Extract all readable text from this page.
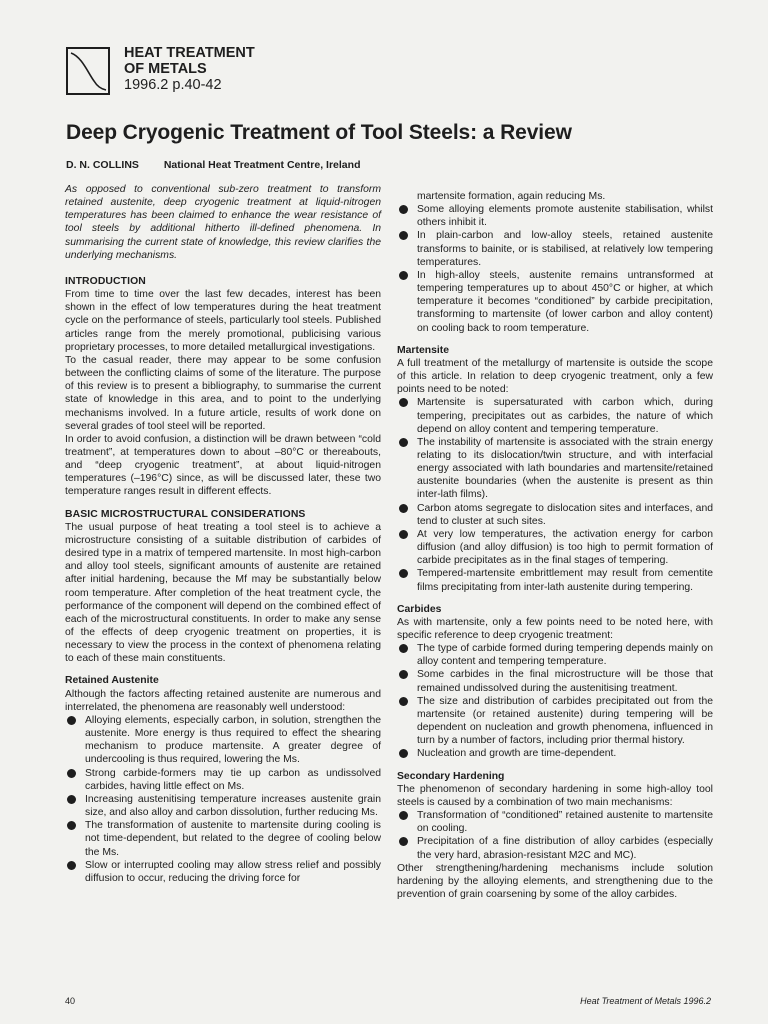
HEAT TREATMENT
OF METALS
1996.2 p.40-42
Deep Cryogenic Treatment of Tool Steels: a Review
D. N. COLLINS National Heat Treatment Centre, Ireland

As opposed to conventional sub-zero treatment to transform retained austenite, deep cryogenic treatment at liquid-nitrogen temperatures has been claimed to enhance the wear resistance of tool steels by additional hitherto ill-defined phenomena. In summarising the current state of knowledge, this review clarifies the underlying mechanisms.

INTRODUCTION

From time to time over the last few decades, interest has been shown in the effect of low temperatures during the heat treatment cycle on the performance of steels, particularly tool steels. Published articles range from the merely promotional, publicising various proprietary processes, to more detailed metallurgical investigations.

To the casual reader, there may appear to be some confusion between the conflicting claims of some of the literature. The purpose of this review is to present a bibliography, to summarise the current state of knowledge in this area, and to point to the underlying mechanisms involved. In a future article, results of work done on several grades of tool steel will be reported.

In order to avoid confusion, a distinction will be drawn between “cold treatment”, at temperatures down to about –80°C or thereabouts, and “deep cryogenic treatment”, at about liquid-nitrogen temperatures (–196°C) since, as will be discussed later, these two temperature ranges result in different effects.

BASIC MICROSTRUCTURAL CONSIDERATIONS

The usual purpose of heat treating a tool steel is to achieve a microstructure consisting of a suitable distribution of carbides of desired type in a matrix of tempered martensite. In most high-carbon and alloy tool steels, significant amounts of austenite are retained after initial hardening, because the Mf may be substantially below room temperature. After completion of the heat treatment cycle, the performance of the component will depend on the combined effect of each of the microstructural constituents. In order to make any sense of the effects of deep cryogenic treatment on properties, it is necessary to view the process in the context of phenomena relating to each of these main constituents.

Retained Austenite

Although the factors affecting retained austenite are numerous and interrelated, the phenomena are reasonably well understood:

Alloying elements, especially carbon, in solution, strengthen the austenite. More energy is thus required to effect the shearing mechanism to produce martensite. A greater degree of undercooling is thus required, lowering the Ms.
Strong carbide-formers may tie up carbon as undissolved carbides, having little effect on Ms.
Increasing austenitising temperature increases austenite grain size, and also alloy and carbon dissolution, further reducing Ms.
The transformation of austenite to martensite during cooling is not time-dependent, but related to the degree of cooling below the Ms.
Slow or interrupted cooling may allow stress relief and possibly diffusion to occur, reducing the driving force for

martensite formation, again reducing Ms.

Some alloying elements promote austenite stabilisation, whilst others inhibit it.
In plain-carbon and low-alloy steels, retained austenite transforms to bainite, or is stabilised, at relatively low tempering temperatures.
In high-alloy steels, austenite remains untransformed at tempering temperatures up to about 450°C or higher, at which temperature it becomes “conditioned” by carbide precipitation, transforming to martensite (of lower carbon and alloy content) on cooling back to room temperature.

Martensite

A full treatment of the metallurgy of martensite is outside the scope of this article. In relation to deep cryogenic treatment, only a few points need to be noted:

Martensite is supersaturated with carbon which, during tempering, precipitates out as carbides, the nature of which depend on alloy content and tempering temperature.
The instability of martensite is associated with the strain energy relating to its dislocation/twin structure, and with interfacial energy associated with lath boundaries and martensite/retained austenite boundaries (when the austenite is present as thin inter-lath films).
Carbon atoms segregate to dislocation sites and interfaces, and tend to cluster at such sites.
At very low temperatures, the activation energy for carbon diffusion (and alloy diffusion) is too high to permit formation of carbide precipitates as in the final stages of tempering.
Tempered-martensite embrittlement may result from cementite films precipitating from inter-lath austenite during tempering.

Carbides

As with martensite, only a few points need to be noted here, with specific reference to deep cryogenic treatment:

The type of carbide formed during tempering depends mainly on alloy content and tempering temperature.
Some carbides in the final microstructure will be those that remained undissolved during the austenitising treatment.
The size and distribution of carbides precipitated out from the martensite (or retained austenite) during tempering will be dependent on nucleation and growth phenomena, influenced in turn by a number of factors, including prior thermal history.
Nucleation and growth are time-dependent.

Secondary Hardening

The phenomenon of secondary hardening in some high-alloy tool steels is caused by a combination of two main mechanisms:

Transformation of “conditioned” retained austenite to martensite on cooling.
Precipitation of a fine distribution of alloy carbides (especially the very hard, abrasion-resistant M2C and MC).

Other strengthening/hardening mechanisms include solution hardening by the alloying elements, and strengthening due to the prevention of grain coarsening by some of the alloy carbides.

40	Heat Treatment of Metals 1996.2
